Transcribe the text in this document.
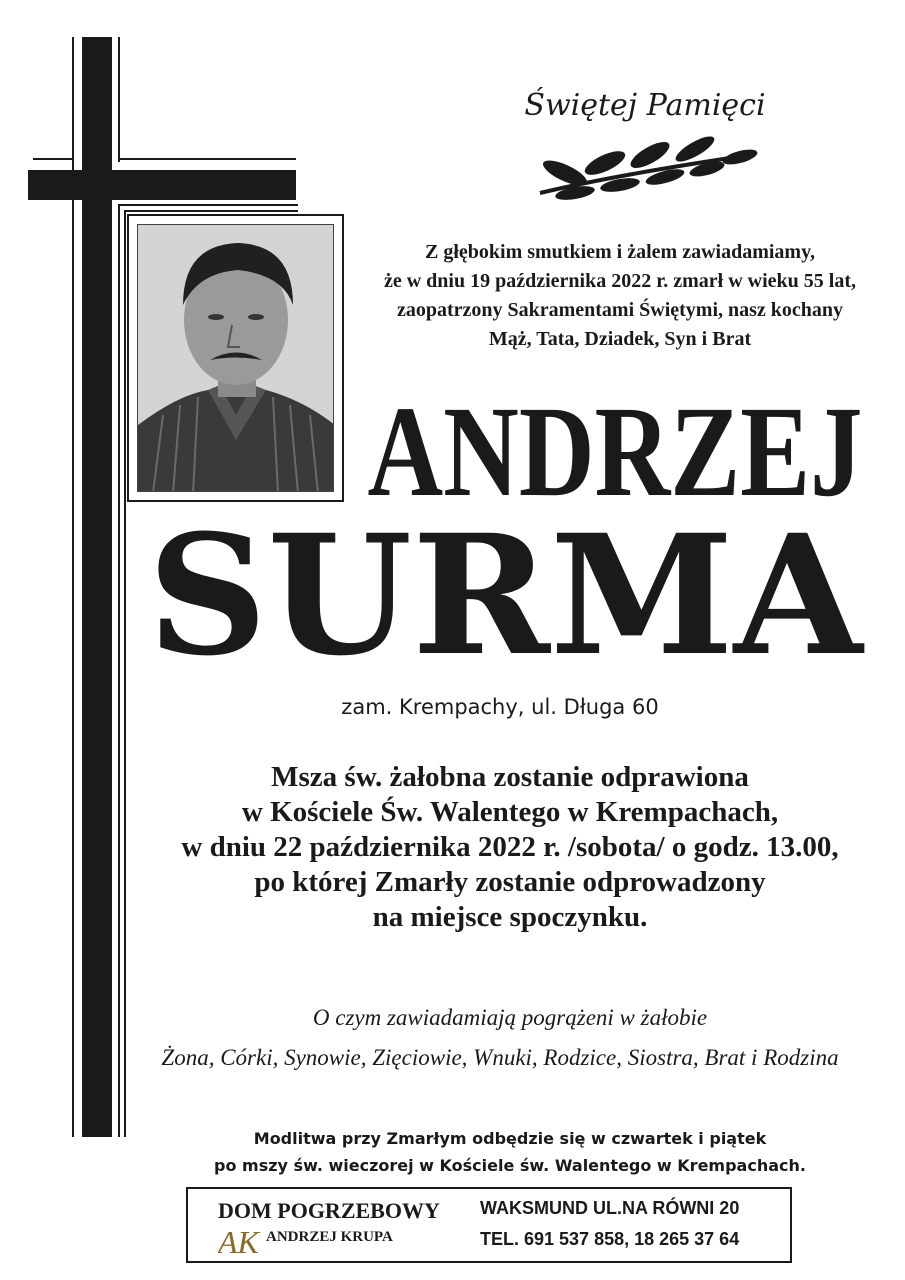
Świętej Pamięci
Z głębokim smutkiem i żalem zawiadamiamy,
że w dniu 19 października 2022 r. zmarł w wieku 55 lat,
zaopatrzony Sakramentami Świętymi, nasz kochany
Mąż, Tata, Dziadek, Syn i Brat
ANDRZEJ
SURMA
zam. Krempachy, ul. Długa 60
Msza św. żałobna zostanie odprawiona
w Kościele Św. Walentego w Krempachach,
w dniu 22 października 2022 r. /sobota/ o godz. 13.00,
po której Zmarły zostanie odprowadzony
na miejsce spoczynku.
O czym zawiadamiają pogrążeni w żałobie
Żona, Córki, Synowie, Zięciowie, Wnuki, Rodzice, Siostra, Brat i Rodzina
Modlitwa przy Zmarłym odbędzie się w czwartek i piątek
po mszy św. wieczorej w Kościele św. Walentego w Krempachach.
DOM POGRZEBOWY
AK ANDRZEJ KRUPA
WAKSMUND UL.NA RÓWNI 20
TEL. 691 537 858, 18 265 37 64
